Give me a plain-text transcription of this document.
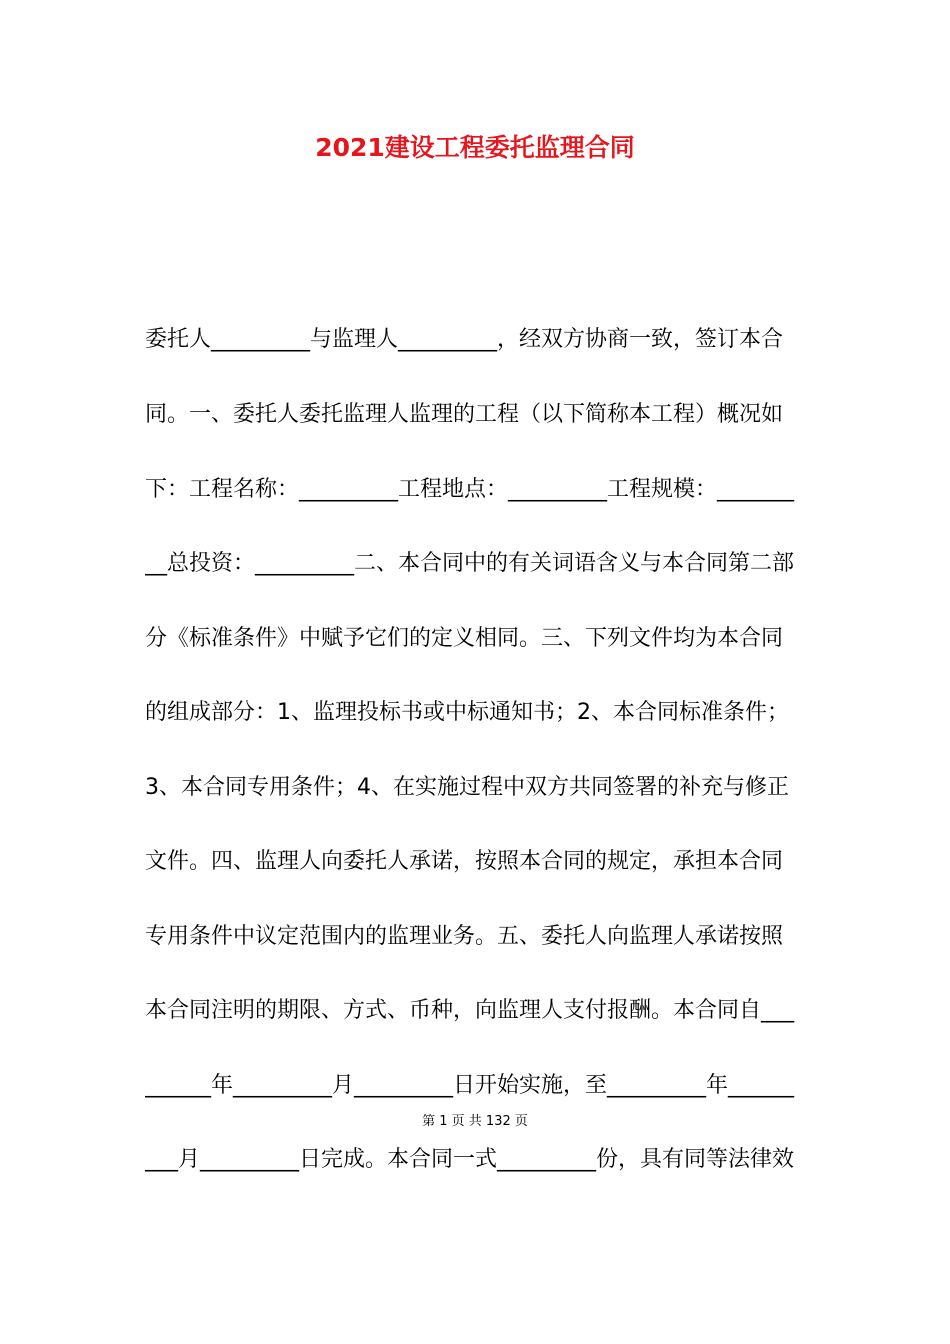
2021建设工程委托监理合同
委托人_________与监理人_________，经双方协商一致，签订本合
同。一、委托人委托监理人监理的工程（以下简称本工程）概况如
下：工程名称：_________工程地点：_________工程规模：_______
__总投资：_________二、本合同中的有关词语含义与本合同第二部
分《标准条件》中赋予它们的定义相同。三、下列文件均为本合同
的组成部分：1、监理投标书或中标通知书；2、本合同标准条件；
3、本合同专用条件；4、在实施过程中双方共同签署的补充与修正
文件。四、监理人向委托人承诺，按照本合同的规定，承担本合同
专用条件中议定范围内的监理业务。五、委托人向监理人承诺按照
本合同注明的期限、方式、币种，向监理人支付报酬。本合同自___
______年_________月_________日开始实施，至_________年______
第 1 页 共 132 页
___月_________日完成。本合同一式_________份，具有同等法律效
